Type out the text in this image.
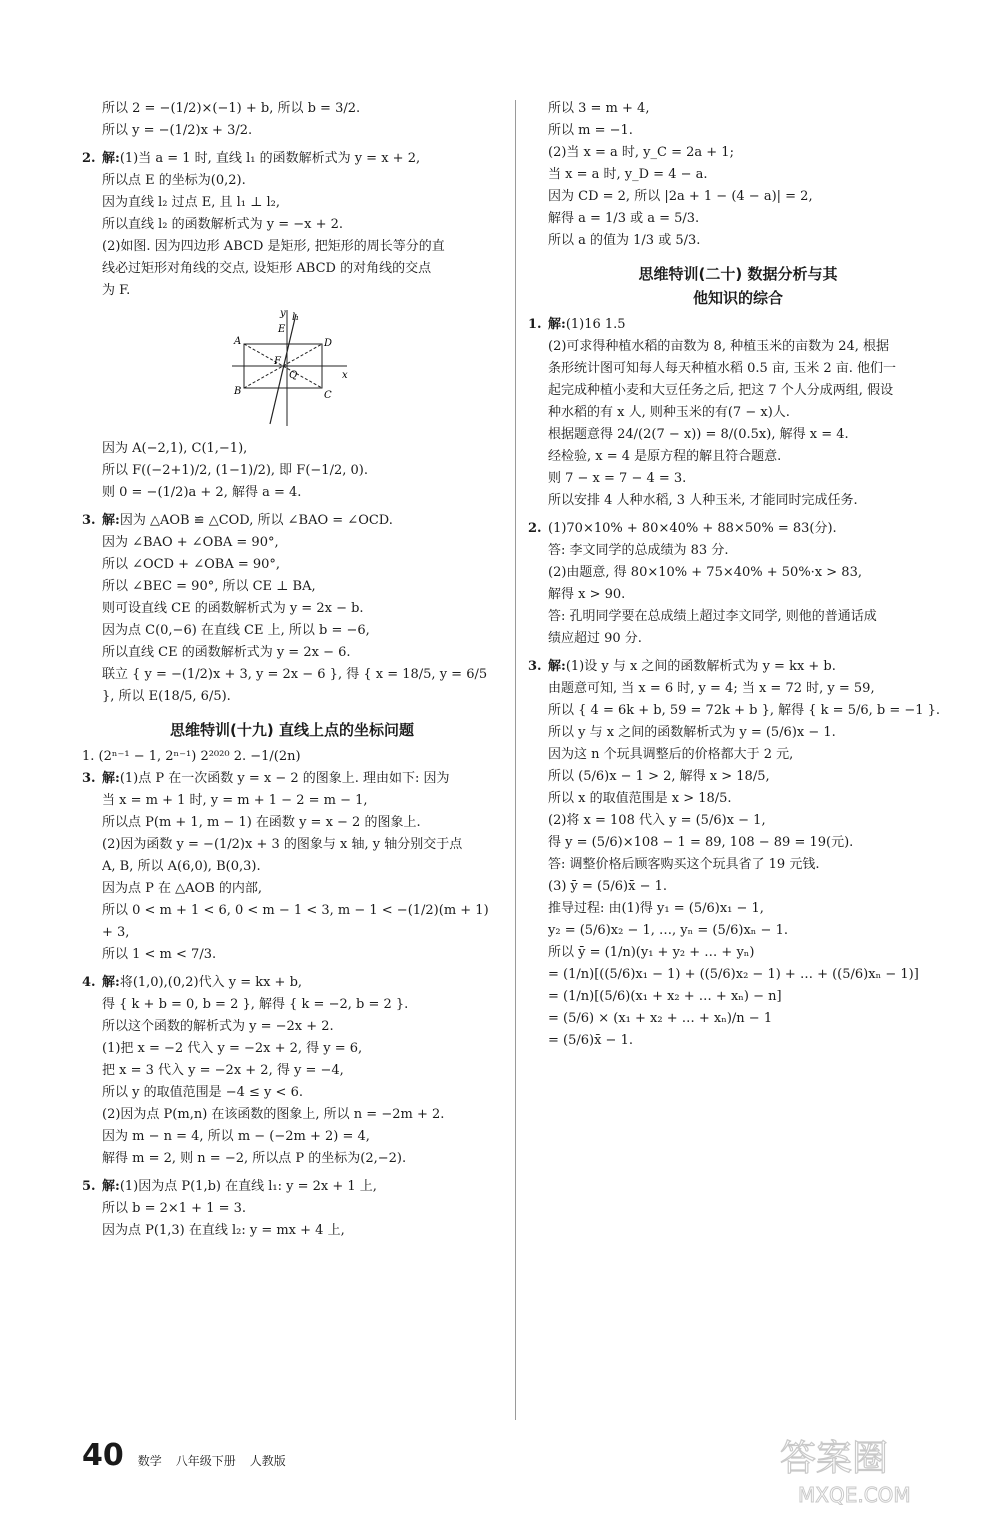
所以 2 = −(1/2)×(−1) + b, 所以 b = 3/2.
所以 y = −(1/2)x + 3/2.
2. 解:(1)当 a = 1 时, 直线 l₁ 的函数解析式为 y = x + 2,
所以点 E 的坐标为(0,2).
因为直线 l₂ 过点 E, 且 l₁ ⊥ l₂,
所以直线 l₂ 的函数解析式为 y = −x + 2.
(2)如图. 因为四边形 ABCD 是矩形, 把矩形的周长等分的直
线必过矩形对角线的交点, 设矩形 ABCD 的对角线的交点
为 F.
y
x
l₁
A
B	C
D
E
F
Q
因为 A(−2,1), C(1,−1),
所以 F((−2+1)/2, (1−1)/2), 即 F(−1/2, 0).
则 0 = −(1/2)a + 2, 解得 a = 4.
3. 解:因为 △AOB ≌ △COD, 所以 ∠BAO = ∠OCD.
因为 ∠BAO + ∠OBA = 90°,
所以 ∠OCD + ∠OBA = 90°,
所以 ∠BEC = 90°, 所以 CE ⊥ BA,
则可设直线 CE 的函数解析式为 y = 2x − b.
因为点 C(0,−6) 在直线 CE 上, 所以 b = −6,
所以直线 CE 的函数解析式为 y = 2x − 6.
联立 { y = −(1/2)x + 3, y = 2x − 6 }, 得 { x = 18/5, y = 6/5 }, 所以 E(18/5, 6/5).
思维特训(十九) 直线上点的坐标问题
1. (2ⁿ⁻¹ − 1, 2ⁿ⁻¹) 2²⁰²⁰ 2. −1/(2n)
3. 解:(1)点 P 在一次函数 y = x − 2 的图象上. 理由如下: 因为
当 x = m + 1 时, y = m + 1 − 2 = m − 1,
所以点 P(m + 1, m − 1) 在函数 y = x − 2 的图象上.
(2)因为函数 y = −(1/2)x + 3 的图象与 x 轴, y 轴分别交于点
A, B, 所以 A(6,0), B(0,3).
因为点 P 在 △AOB 的内部,
所以 0 < m + 1 < 6, 0 < m − 1 < 3, m − 1 < −(1/2)(m + 1) + 3,
所以 1 < m < 7/3.
4. 解:将(1,0),(0,2)代入 y = kx + b,
得 { k + b = 0, b = 2 }, 解得 { k = −2, b = 2 }.
所以这个函数的解析式为 y = −2x + 2.
(1)把 x = −2 代入 y = −2x + 2, 得 y = 6,
把 x = 3 代入 y = −2x + 2, 得 y = −4,
所以 y 的取值范围是 −4 ≤ y < 6.
(2)因为点 P(m,n) 在该函数的图象上, 所以 n = −2m + 2.
因为 m − n = 4, 所以 m − (−2m + 2) = 4,
解得 m = 2, 则 n = −2, 所以点 P 的坐标为(2,−2).
5. 解:(1)因为点 P(1,b) 在直线 l₁: y = 2x + 1 上,
所以 b = 2×1 + 1 = 3.
因为点 P(1,3) 在直线 l₂: y = mx + 4 上,
所以 3 = m + 4,
所以 m = −1.
(2)当 x = a 时, y_C = 2a + 1;
当 x = a 时, y_D = 4 − a.
因为 CD = 2, 所以 |2a + 1 − (4 − a)| = 2,
解得 a = 1/3 或 a = 5/3.
所以 a 的值为 1/3 或 5/3.
思维特训(二十) 数据分析与其
他知识的综合
1. 解:(1)16 1.5
(2)可求得种植水稻的亩数为 8, 种植玉米的亩数为 24, 根据
条形统计图可知每人每天种植水稻 0.5 亩, 玉米 2 亩. 他们一
起完成种植小麦和大豆任务之后, 把这 7 个人分成两组, 假设
种水稻的有 x 人, 则种玉米的有(7 − x)人.
根据题意得 24/(2(7 − x)) = 8/(0.5x), 解得 x = 4.
经检验, x = 4 是原方程的解且符合题意.
则 7 − x = 7 − 4 = 3.
所以安排 4 人种水稻, 3 人种玉米, 才能同时完成任务.
2. (1)70×10% + 80×40% + 88×50% = 83(分).
答: 李文同学的总成绩为 83 分.
(2)由题意, 得 80×10% + 75×40% + 50%·x > 83,
解得 x > 90.
答: 孔明同学要在总成绩上超过李文同学, 则他的普通话成
绩应超过 90 分.
3. 解:(1)设 y 与 x 之间的函数解析式为 y = kx + b.
由题意可知, 当 x = 6 时, y = 4; 当 x = 72 时, y = 59,
所以 { 4 = 6k + b, 59 = 72k + b }, 解得 { k = 5/6, b = −1 }.
所以 y 与 x 之间的函数解析式为 y = (5/6)x − 1.
因为这 n 个玩具调整后的价格都大于 2 元,
所以 (5/6)x − 1 > 2, 解得 x > 18/5,
所以 x 的取值范围是 x > 18/5.
(2)将 x = 108 代入 y = (5/6)x − 1,
得 y = (5/6)×108 − 1 = 89, 108 − 89 = 19(元).
答: 调整价格后顾客购买这个玩具省了 19 元钱.
(3) ȳ = (5/6)x̄ − 1.
推导过程: 由(1)得 y₁ = (5/6)x₁ − 1,
y₂ = (5/6)x₂ − 1, …, yₙ = (5/6)xₙ − 1.
所以 ȳ = (1/n)(y₁ + y₂ + … + yₙ)
= (1/n)[((5/6)x₁ − 1) + ((5/6)x₂ − 1) + … + ((5/6)xₙ − 1)]
= (1/n)[(5/6)(x₁ + x₂ + … + xₙ) − n]
= (5/6) × (x₁ + x₂ + … + xₙ)/n − 1
= (5/6)x̄ − 1.
40 数学 八年级下册 人教版	答案圈
MXQE.COM
